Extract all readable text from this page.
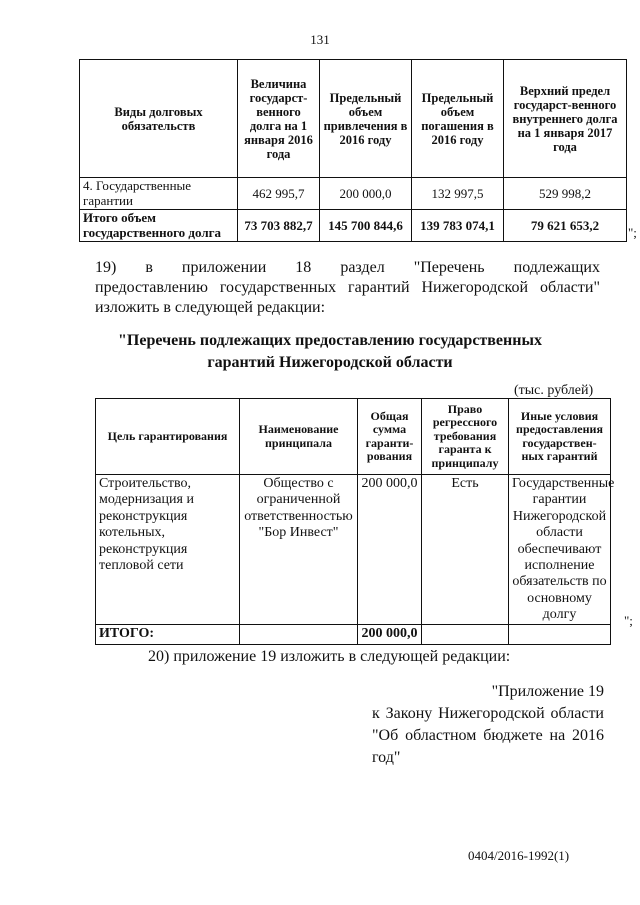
131
Виды долговых обязательств	Величина государст-венного долга на 1 января 2016 года	Предельный объем привлечения в 2016 году	Предельный объем погашения в 2016 году	Верхний предел государст-венного внутреннего долга на 1 января 2017 года
4. Государственные гарантии	462 995,7	200 000,0	132 997,5	529 998,2
Итого объем государственного долга	73 703 882,7	145 700 844,6	139 783 074,1	79 621 653,2 ";
19) в приложении 18 раздел "Перечень подлежащих
предоставлению государственных гарантий Нижегородской области"
изложить в следующей редакции:
"Перечень подлежащих предоставлению государственных
гарантий Нижегородской области
(тыс. рублей)
Цель гарантирования	Наименование принципала	Общая сумма гаранти-рования	Право регрессного требования гаранта к принципалу	Иные условия предоставления государствен-ных гарантий
Строительство, модернизация и реконструкция котельных, реконструкция тепловой сети	Общество с ограниченной ответственностью "Бор Инвест"	200 000,0	Есть	Государственные гарантии Нижегородской области обеспечивают исполнение обязательств по основному долгу
ИТОГО:		200 000,0		
";
20) приложение 19 изложить в следующей редакции:
"Приложение 19
к Закону Нижегородской области
"Об областном бюджете на 2016
год"
0404/2016-1992(1)
